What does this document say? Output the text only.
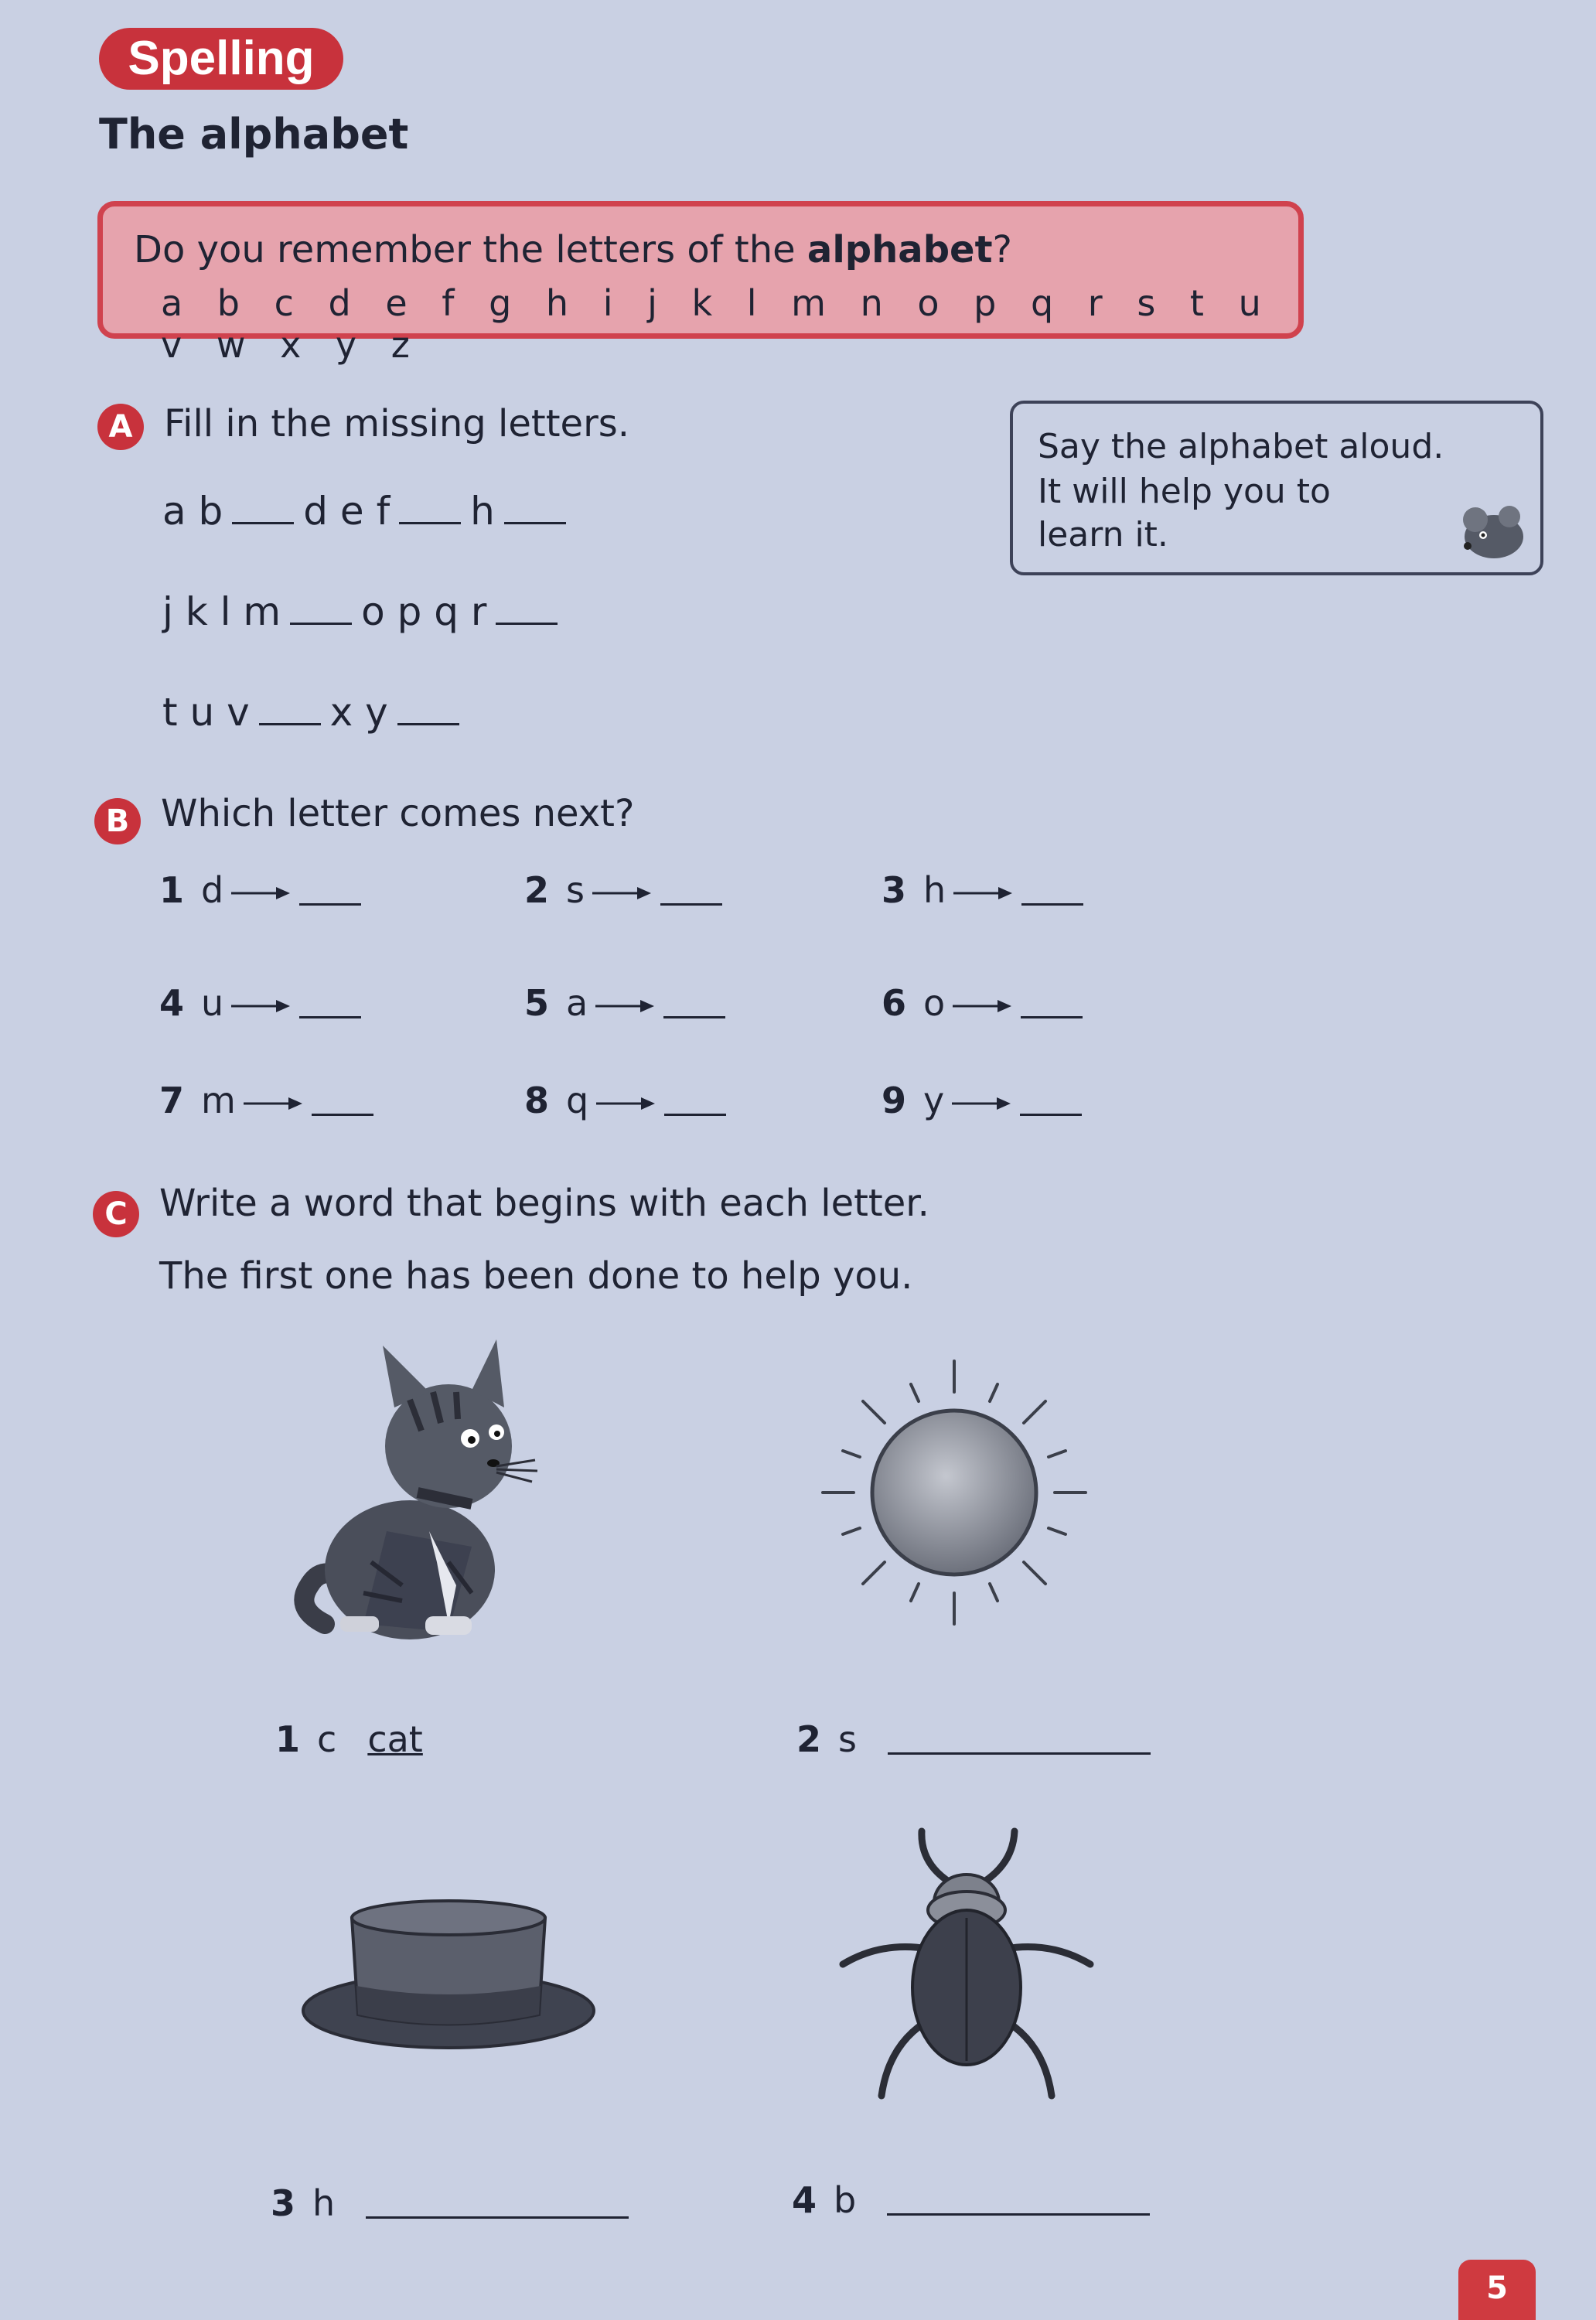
Spelling
The alphabet
Do you remember the letters of the alphabet?
a b c d e f g h i j k l m n o p q r s t u v w x y z
A Fill in the missing letters.
a b d e f h
j k l m o p q r
t u v x y
Say the alphabet aloud.
It will help you to
learn it.
B Which letter comes next?
1 d	2 s	3 h
4 u	5 a	6 o
7 m	8 q	9 y
C Write a word that begins with each letter.
The first one has been done to help you.
1 c cat	2 s
3 h	4 b
5
